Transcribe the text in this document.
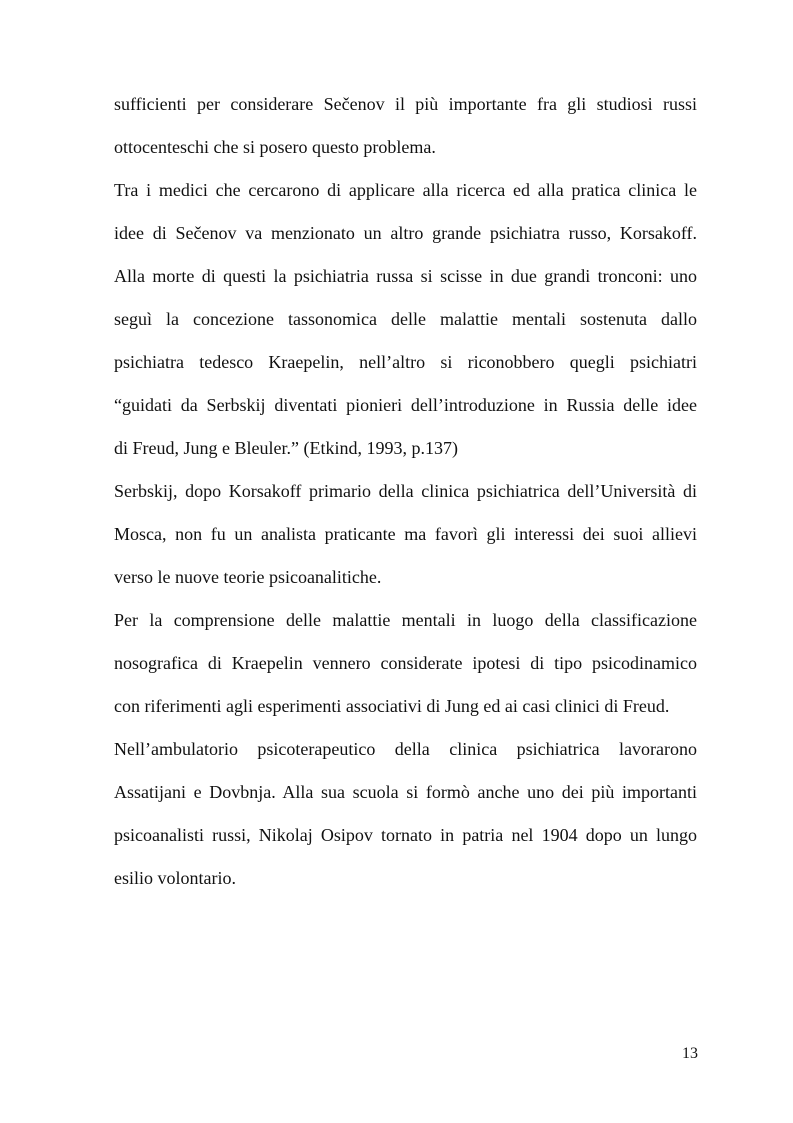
sufficienti per considerare Sečenov il più importante fra gli studiosi russi
ottocenteschi che si posero questo problema.
Tra i medici che cercarono di applicare alla ricerca ed alla pratica clinica le
idee di Sečenov va menzionato un altro grande psichiatra russo, Korsakoff.
Alla morte di questi la psichiatria russa si scisse in due grandi tronconi: uno
seguì la concezione tassonomica delle malattie mentali sostenuta dallo
psichiatra tedesco Kraepelin, nell’altro si riconobbero quegli psichiatri
“guidati da Serbskij diventati pionieri dell’introduzione in Russia delle idee
di Freud, Jung e Bleuler.” (Etkind, 1993, p.137)
Serbskij, dopo Korsakoff primario della clinica psichiatrica dell’Università di
Mosca, non fu un analista praticante ma favorì gli interessi dei suoi allievi
verso le nuove teorie psicoanalitiche.
Per la comprensione delle malattie mentali in luogo della classificazione
nosografica di Kraepelin vennero considerate ipotesi di tipo psicodinamico
con riferimenti agli esperimenti associativi di Jung ed ai casi clinici di Freud.
Nell’ambulatorio psicoterapeutico della clinica psichiatrica lavorarono
Assatijani e Dovbnja. Alla sua scuola si formò anche uno dei più importanti
psicoanalisti russi, Nikolaj Osipov tornato in patria nel 1904 dopo un lungo
esilio volontario.
13
